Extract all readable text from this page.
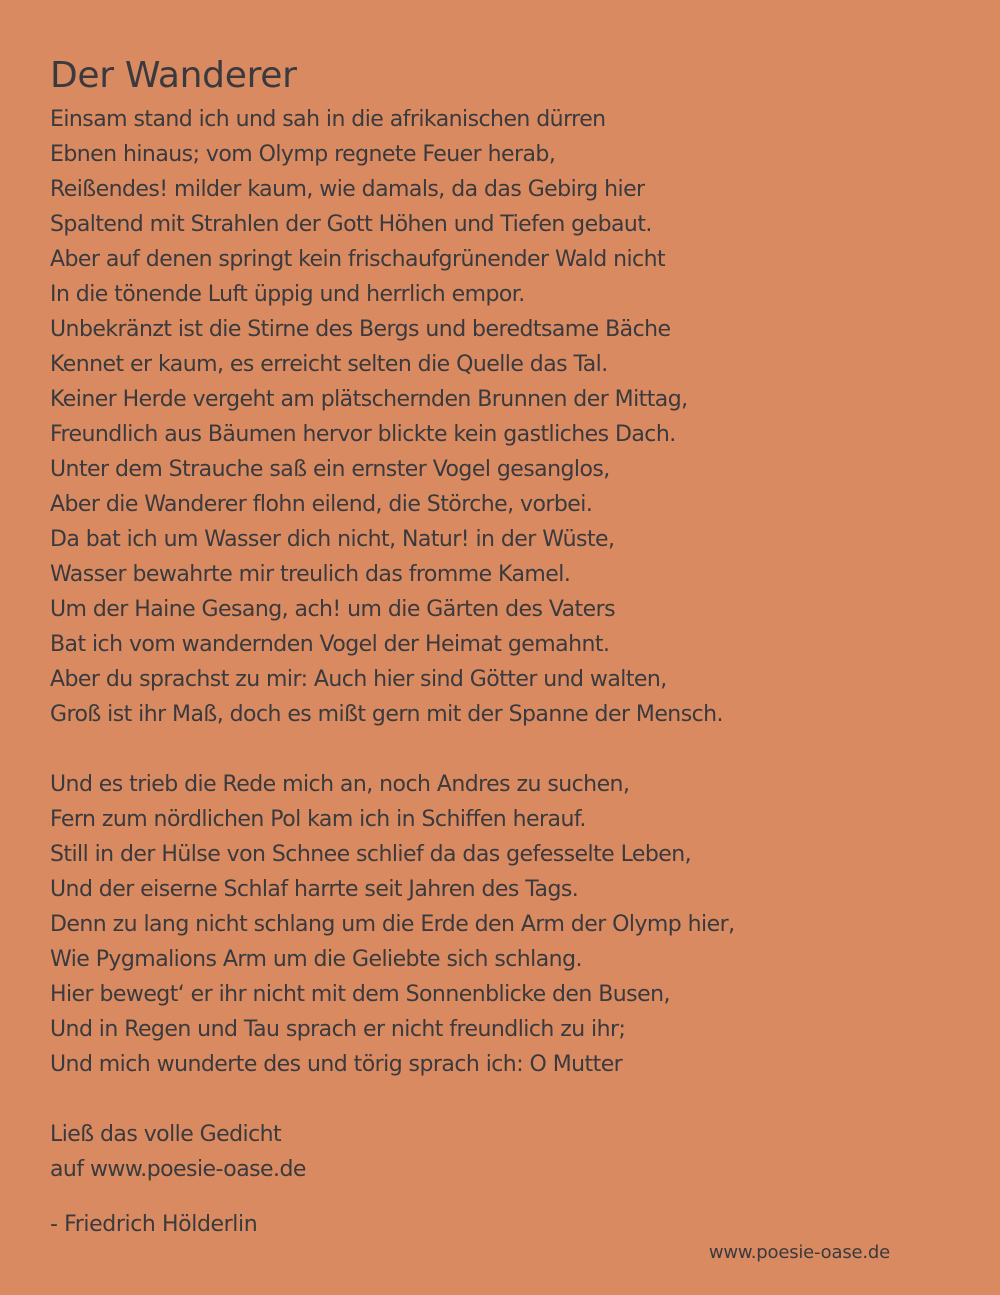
Der Wanderer
Einsam stand ich und sah in die afrikanischen dürren
Ebnen hinaus; vom Olymp regnete Feuer herab,
Reißendes! milder kaum, wie damals, da das Gebirg hier
Spaltend mit Strahlen der Gott Höhen und Tiefen gebaut.
Aber auf denen springt kein frischaufgrünender Wald nicht
In die tönende Luft üppig und herrlich empor.
Unbekränzt ist die Stirne des Bergs und beredtsame Bäche
Kennet er kaum, es erreicht selten die Quelle das Tal.
Keiner Herde vergeht am plätschernden Brunnen der Mittag,
Freundlich aus Bäumen hervor blickte kein gastliches Dach.
Unter dem Strauche saß ein ernster Vogel gesanglos,
Aber die Wanderer flohn eilend, die Störche, vorbei.
Da bat ich um Wasser dich nicht, Natur! in der Wüste,
Wasser bewahrte mir treulich das fromme Kamel.
Um der Haine Gesang, ach! um die Gärten des Vaters
Bat ich vom wandernden Vogel der Heimat gemahnt.
Aber du sprachst zu mir: Auch hier sind Götter und walten,
Groß ist ihr Maß, doch es mißt gern mit der Spanne der Mensch.
Und es trieb die Rede mich an, noch Andres zu suchen,
Fern zum nördlichen Pol kam ich in Schiffen herauf.
Still in der Hülse von Schnee schlief da das gefesselte Leben,
Und der eiserne Schlaf harrte seit Jahren des Tags.
Denn zu lang nicht schlang um die Erde den Arm der Olymp hier,
Wie Pygmalions Arm um die Geliebte sich schlang.
Hier bewegt‘ er ihr nicht mit dem Sonnenblicke den Busen,
Und in Regen und Tau sprach er nicht freundlich zu ihr;
Und mich wunderte des und törig sprach ich: O Mutter
Ließ das volle Gedicht
auf www.poesie-oase.de
- Friedrich Hölderlin
www.poesie-oase.de
